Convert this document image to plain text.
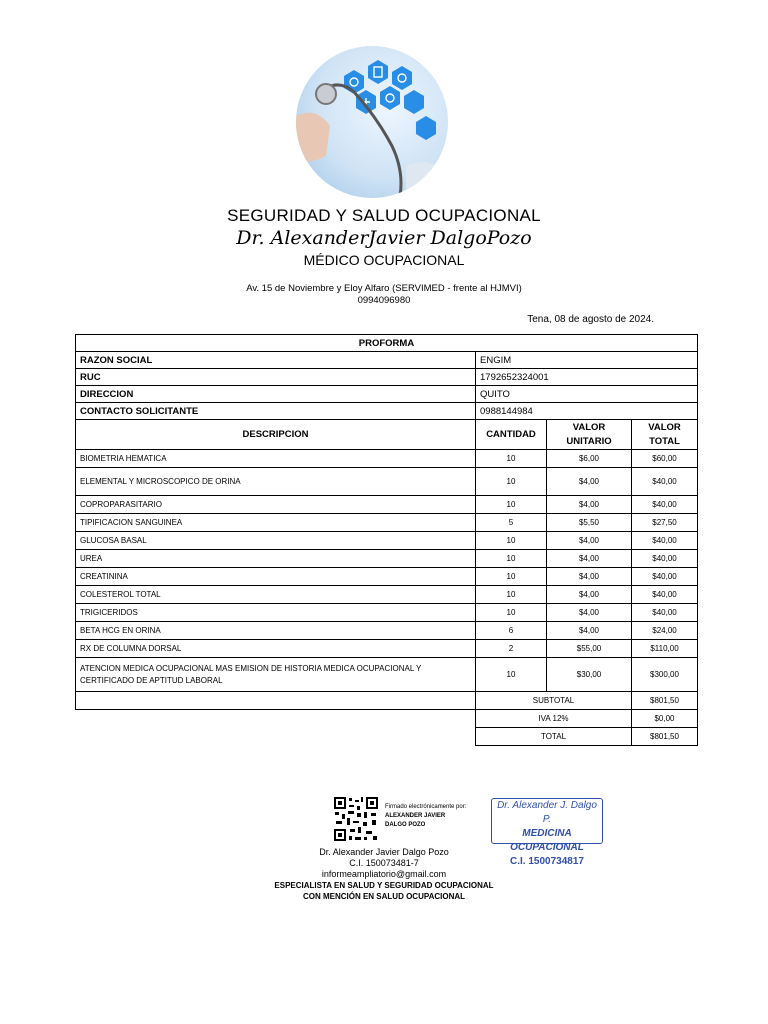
SEGURIDAD Y SALUD OCUPACIONAL
Dr. AlexanderJavier DalgoPozo
MÉDICO OCUPACIONAL
Av. 15 de Noviembre y Eloy Alfaro (SERVIMED - frente al HJMVI)
0994096980
Tena, 08 de agosto de 2024.
PROFORMA			
RAZON SOCIAL	ENGIM		
RUC	1792652324001		
DIRECCION	QUITO		
CONTACTO SOLICITANTE	0988144984		
DESCRIPCION	CANTIDAD	VALOR UNITARIO	VALOR TOTAL
BIOMETRIA HEMATICA	10	$6,00	$60,00
ELEMENTAL Y MICROSCOPICO DE ORINA	10	$4,00	$40,00
COPROPARASITARIO	10	$4,00	$40,00
TIPIFICACION SANGUINEA	5	$5,50	$27,50
GLUCOSA BASAL	10	$4,00	$40,00
UREA	10	$4,00	$40,00
CREATININA	10	$4,00	$40,00
COLESTEROL TOTAL	10	$4,00	$40,00
TRIGICERIDOS	10	$4,00	$40,00
BETA HCG EN ORINA	6	$4,00	$24,00
RX DE COLUMNA DORSAL	2	$55,00	$110,00
ATENCION MEDICA OCUPACIONAL MAS EMISION DE HISTORIA MEDICA OCUPACIONAL Y CERTIFICADO DE APTITUD LABORAL	10	$30,00	$300,00
	SUBTOTAL		$801,50
	IVA 12%		$0,00
	TOTAL		$801,50
Firmado electrónicamente por:
ALEXANDER JAVIER
DALGO POZO
Dr. Alexander J. Dalgo P.
MEDICINA OCUPACIONAL
C.I. 1500734817
Dr. Alexander Javier Dalgo Pozo
C.I. 150073481-7
informeampliatorio@gmail.com
ESPECIALISTA EN SALUD Y SEGURIDAD OCUPACIONAL
CON MENCIÓN EN SALUD OCUPACIONAL
